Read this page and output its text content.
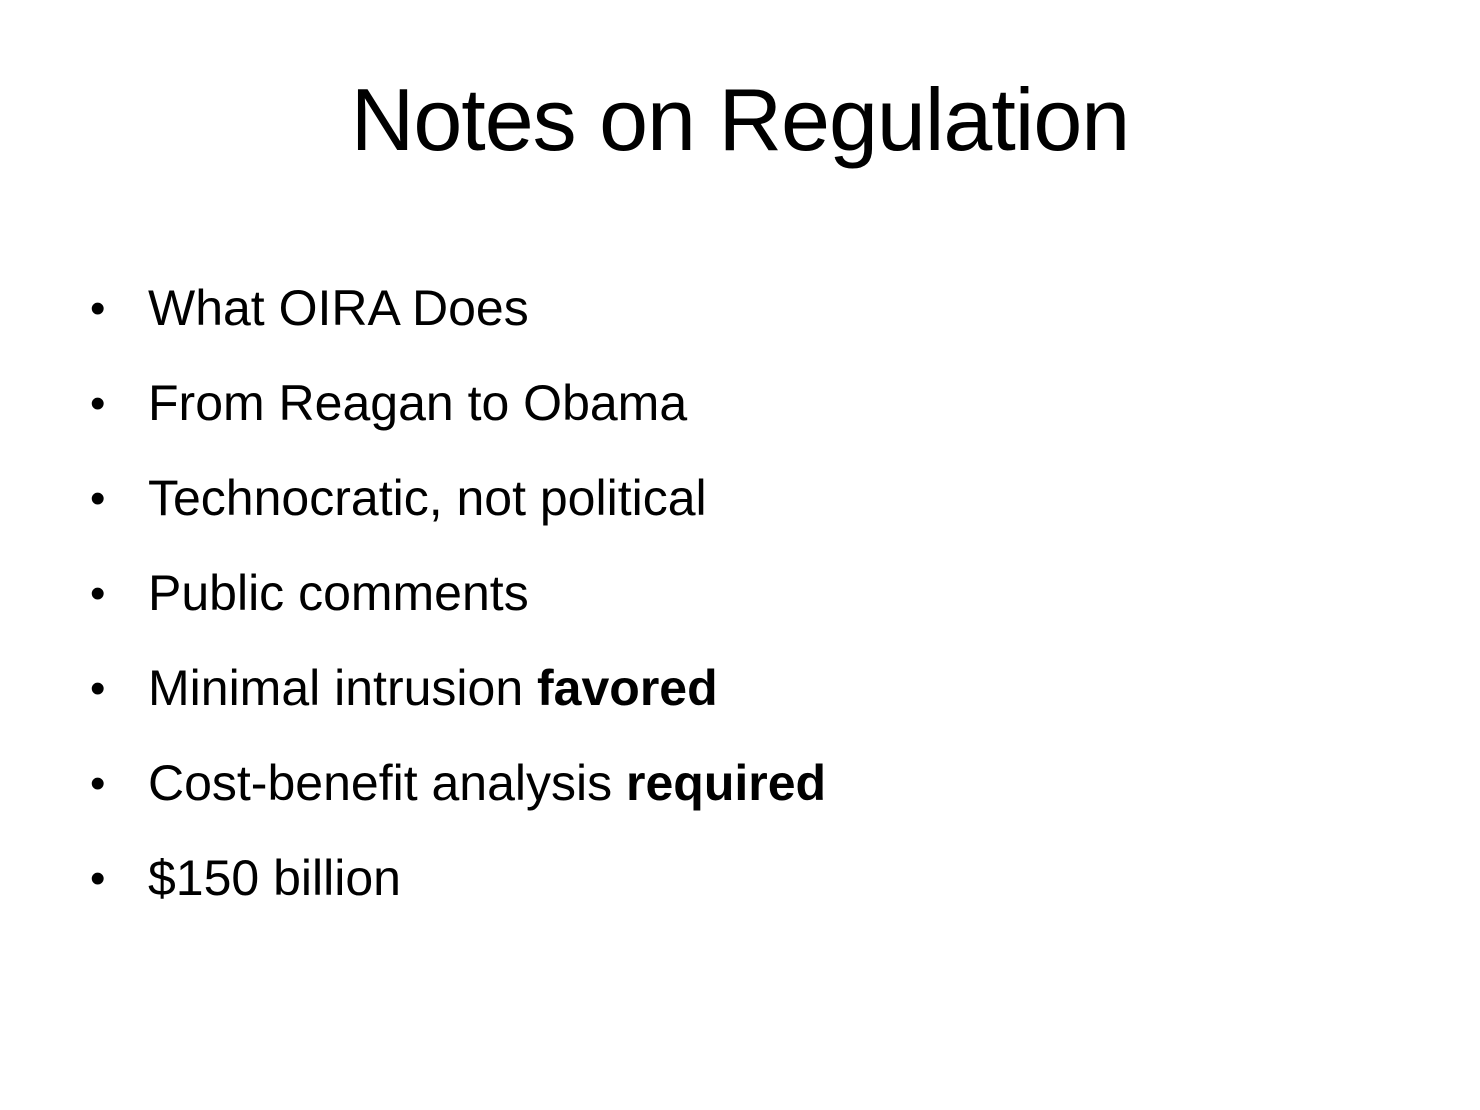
Notes on Regulation
• What OIRA Does
• From Reagan to Obama
• Technocratic, not political
• Public comments
• Minimal intrusion favored
• Cost-benefit analysis required
• $150 billion
